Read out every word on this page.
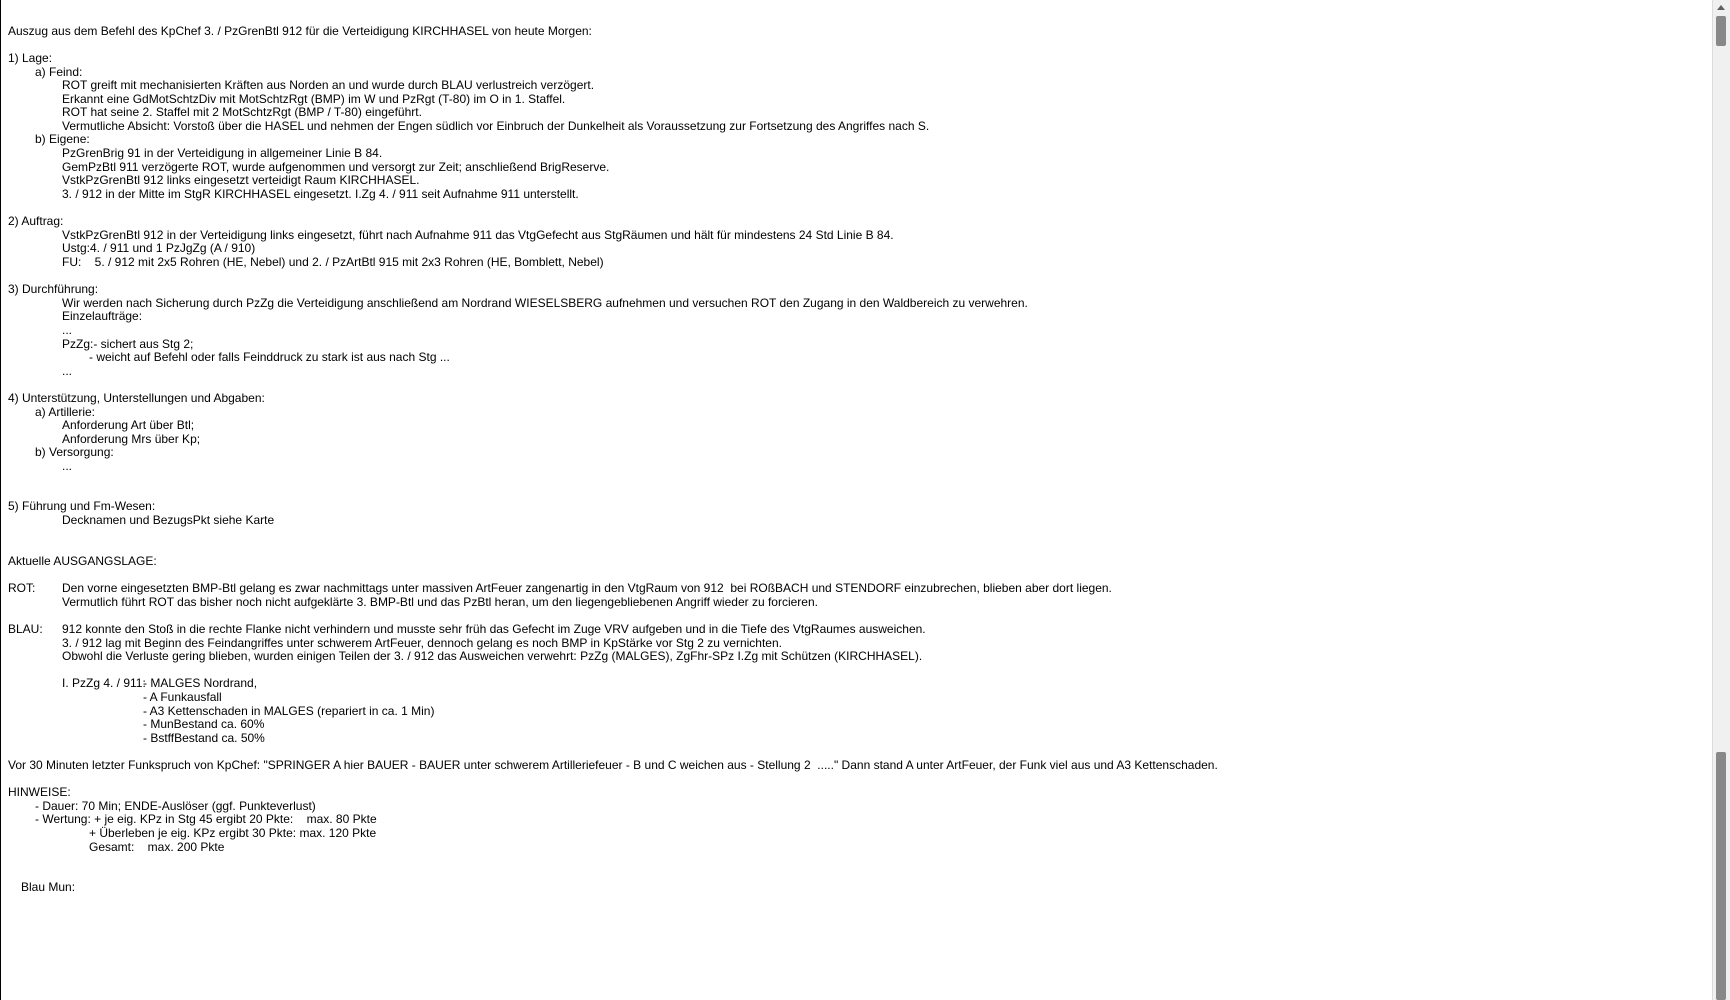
Auszug aus dem Befehl des KpChef 3. / PzGrenBtl 912 für die Verteidigung KIRCHHASEL von heute Morgen:
1) Lage:
a) Feind:
ROT greift mit mechanisierten Kräften aus Norden an und wurde durch BLAU verlustreich verzögert.
Erkannt eine GdMotSchtzDiv mit MotSchtzRgt (BMP) im W und PzRgt (T-80) im O in 1. Staffel.
ROT hat seine 2. Staffel mit 2 MotSchtzRgt (BMP / T-80) eingeführt.
Vermutliche Absicht: Vorstoß über die HASEL und nehmen der Engen südlich vor Einbruch der Dunkelheit als Voraussetzung zur Fortsetzung des Angriffes nach S.
b) Eigene:
PzGrenBrig 91 in der Verteidigung in allgemeiner Linie B 84.
GemPzBtl 911 verzögerte ROT, wurde aufgenommen und versorgt zur Zeit; anschließend BrigReserve.
VstkPzGrenBtl 912 links eingesetzt verteidigt Raum KIRCHHASEL.
3. / 912 in der Mitte im StgR KIRCHHASEL eingesetzt. I.Zg 4. / 911 seit Aufnahme 911 unterstellt.
2) Auftrag:
VstkPzGrenBtl 912 in der Verteidigung links eingesetzt, führt nach Aufnahme 911 das VtgGefecht aus StgRäumen und hält für mindestens 24 Std Linie B 84.
Ustg:4. / 911 und 1 PzJgZg (A / 910)
FU:    5. / 912 mit 2x5 Rohren (HE, Nebel) und 2. / PzArtBtl 915 mit 2x3 Rohren (HE, Bomblett, Nebel)
3) Durchführung:
Wir werden nach Sicherung durch PzZg die Verteidigung anschließend am Nordrand WIESELSBERG aufnehmen und versuchen ROT den Zugang in den Waldbereich zu verwehren.
Einzelaufträge:
...
PzZg:- sichert aus Stg 2;
- weicht auf Befehl oder falls Feinddruck zu stark ist aus nach Stg ...
...
4) Unterstützung, Unterstellungen und Abgaben:
a) Artillerie:
Anforderung Art über Btl;
Anforderung Mrs über Kp;
b) Versorgung:
...
5) Führung und Fm-Wesen:
Decknamen und BezugsPkt siehe Karte
Aktuelle AUSGANGSLAGE:
ROT: Den vorne eingesetzten BMP-Btl gelang es zwar nachmittags unter massiven ArtFeuer zangenartig in den VtgRaum von 912  bei ROßBACH und STENDORF einzubrechen, blieben aber dort liegen.
Vermutlich führt ROT das bisher noch nicht aufgeklärte 3. BMP-Btl und das PzBtl heran, um den liegengebliebenen Angriff wieder zu forcieren.
BLAU: 912 konnte den Stoß in die rechte Flanke nicht verhindern und musste sehr früh das Gefecht im Zuge VRV aufgeben und in die Tiefe des VtgRaumes ausweichen.
3. / 912 lag mit Beginn des Feindangriffes unter schwerem ArtFeuer, dennoch gelang es noch BMP in KpStärke vor Stg 2 zu vernichten.
Obwohl die Verluste gering blieben, wurden einigen Teilen der 3. / 912 das Ausweichen verwehrt: PzZg (MALGES), ZgFhr-SPz I.Zg mit Schützen (KIRCHHASEL).
I. PzZg 4. / 911:
- MALGES Nordrand,
- A Funkausfall
- A3 Kettenschaden in MALGES (repariert in ca. 1 Min)
- MunBestand ca. 60%
- BstffBestand ca. 50%
Vor 30 Minuten letzter Funkspruch von KpChef: "SPRINGER A hier BAUER - BAUER unter schwerem Artilleriefeuer - B und C weichen aus - Stellung 2  ....." Dann stand A unter ArtFeuer, der Funk viel aus und A3 Kettenschaden.
HINWEISE:
- Dauer: 70 Min; ENDE-Auslöser (ggf. Punkteverlust)
- Wertung: + je eig. KPz in Stg 45 ergibt 20 Pkte:    max. 80 Pkte
+ Überleben je eig. KPz ergibt 30 Pkte: max. 120 Pkte
Gesamt:    max. 200 Pkte
Blau Mun:
